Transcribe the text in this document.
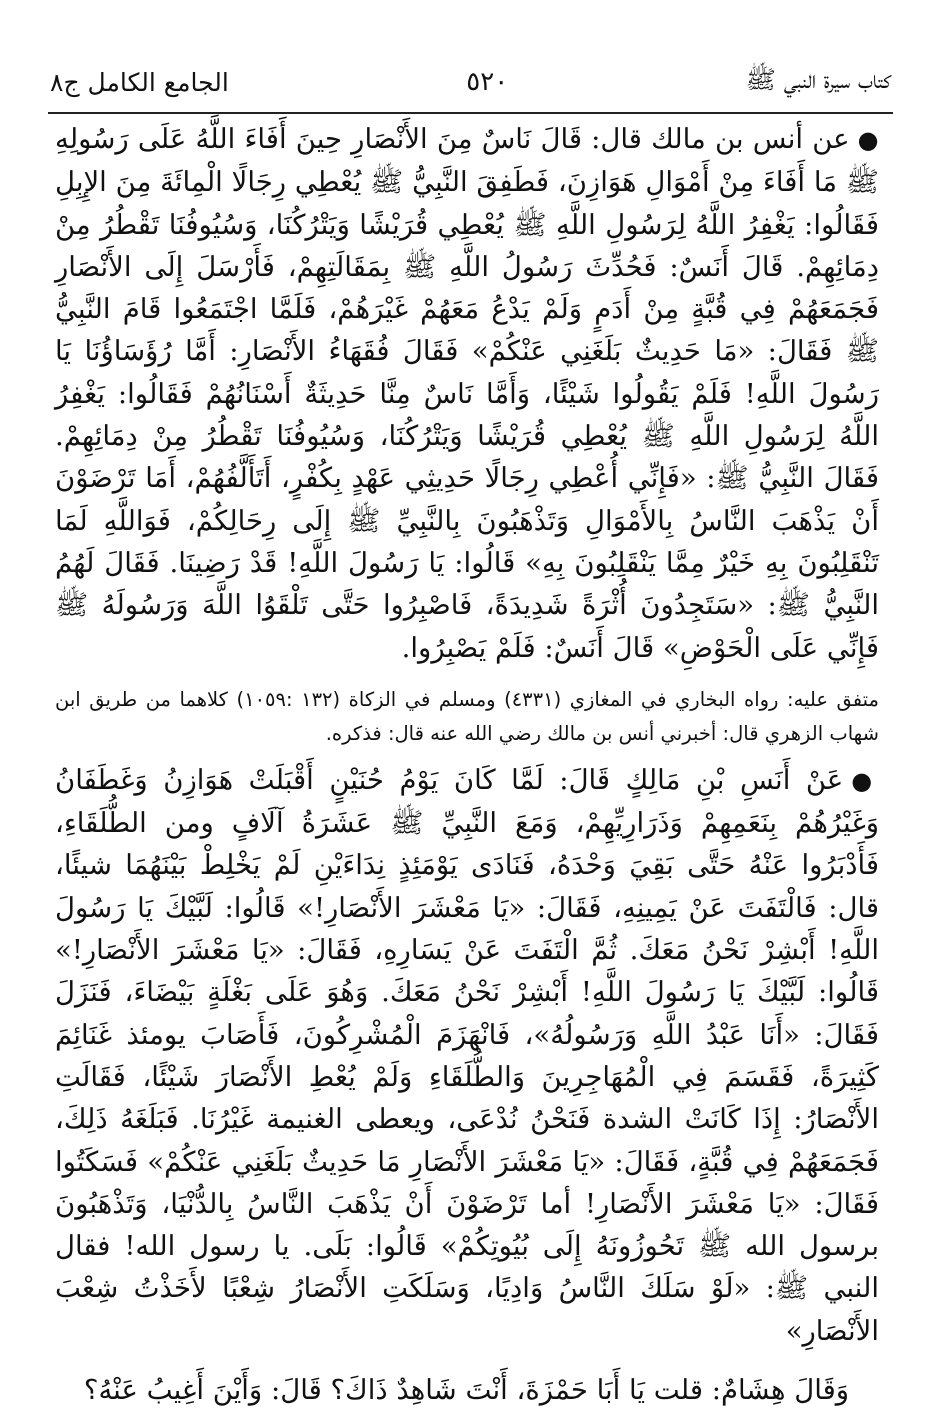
كتاب سيرة النبي ﷺ
٥٢٠
الجامع الكامل ج٨

●عن أنس بن مالك قال: قَالَ نَاسٌ مِنَ الأَنْصَارِ حِينَ أَفَاءَ اللَّهُ عَلَى رَسُولِهِ ﷺ مَا أَفَاءَ مِنْ أَمْوَالِ هَوَازِنَ، فَطَفِقَ النَّبِيُّ ﷺ يُعْطِي رِجَالًا الْمِائَةَ مِنَ الإِبِلِ فَقَالُوا: يَغْفِرُ اللَّهُ لِرَسُولِ اللَّهِ ﷺ يُعْطِي قُرَيْشًا وَيَتْرُكُنَا، وَسُيُوفُنَا تَقْطُرُ مِنْ دِمَائِهِمْ. قَالَ أَنَسٌ: فَحُدِّثَ رَسُولُ اللَّهِ ﷺ بِمَقَالَتِهِمْ، فَأَرْسَلَ إِلَى الأَنْصَارِ فَجَمَعَهُمْ فِي قُبَّةٍ مِنْ أَدَمٍ وَلَمْ يَدْعُ مَعَهُمْ غَيْرَهُمْ، فَلَمَّا اجْتَمَعُوا قَامَ النَّبِيُّ ﷺ فَقَالَ: «مَا حَدِيثٌ بَلَغَنِي عَنْكُمْ» فَقَالَ فُقَهَاءُ الأَنْصَارِ: أَمَّا رُؤَسَاؤُنَا يَا رَسُولَ اللَّهِ! فَلَمْ يَقُولُوا شَيْئًا، وَأَمَّا نَاسٌ مِنَّا حَدِيثَةٌ أَسْنَانُهُمْ فَقَالُوا: يَغْفِرُ اللَّهُ لِرَسُولِ اللَّهِ ﷺ يُعْطِي قُرَيْشًا وَيَتْرُكُنَا، وَسُيُوفُنَا تَقْطُرُ مِنْ دِمَائِهِمْ. فَقَالَ النَّبِيُّ ﷺ: «فَإِنِّي أُعْطِي رِجَالًا حَدِيثِي عَهْدٍ بِكُفْرٍ، أَتَأَلَّفُهُمْ، أَمَا تَرْضَوْنَ أَنْ يَذْهَبَ النَّاسُ بِالأَمْوَالِ وَتَذْهَبُونَ بِالنَّبِيِّ ﷺ إِلَى رِحَالِكُمْ، فَوَاللَّهِ لَمَا تَنْقَلِبُونَ بِهِ خَيْرٌ مِمَّا يَنْقَلِبُونَ بِهِ» قَالُوا: يَا رَسُولَ اللَّهِ! قَدْ رَضِينَا. فَقَالَ لَهُمُ النَّبِيُّ ﷺ: «سَتَجِدُونَ أُثْرَةً شَدِيدَةً، فَاصْبِرُوا حَتَّى تَلْقَوُا اللَّهَ وَرَسُولَهُ ﷺ فَإِنِّي عَلَى الْحَوْضِ» قَالَ أَنَسٌ: فَلَمْ يَصْبِرُوا.

متفق عليه: رواه البخاري في المغازي (٤٣٣١) ومسلم في الزكاة (١٣٢ :١٠٥٩) كلاهما من طريق ابن شهاب الزهري قال: أخبرني أنس بن مالك رضي الله عنه قال: فذكره.

●عَنْ أَنَسِ بْنِ مَالِكٍ قَالَ: لَمَّا كَانَ يَوْمُ حُنَيْنٍ أَقْبَلَتْ هَوَازِنُ وَغَطَفَانُ وَغَيْرُهُمْ بِنَعَمِهِمْ وَذَرَارِيِّهِمْ، وَمَعَ النَّبِيِّ ﷺ عَشَرَةُ آلَافٍ ومن الطُّلَقَاءِ، فَأَدْبَرُوا عَنْهُ حَتَّى بَقِيَ وَحْدَهُ، فَنَادَى يَوْمَئِذٍ نِدَاءَيْنِ لَمْ يَخْلِطْ بَيْنَهُمَا شيئًا، قال: فَالْتَفَتَ عَنْ يَمِينِهِ، فَقَالَ: «يَا مَعْشَرَ الأَنْصَارِ!» قَالُوا: لَبَّيْكَ يَا رَسُولَ اللَّهِ! أَبْشِرْ نَحْنُ مَعَكَ. ثُمَّ الْتَفَتَ عَنْ يَسَارِهِ، فَقَالَ: «يَا مَعْشَرَ الأَنْصَارِ!» قَالُوا: لَبَّيْكَ يَا رَسُولَ اللَّهِ! أَبْشِرْ نَحْنُ مَعَكَ. وَهُوَ عَلَى بَغْلَةٍ بَيْضَاءَ، فَنَزَلَ فَقَالَ: «أَنَا عَبْدُ اللَّهِ وَرَسُولُهُ»، فَانْهَزَمَ الْمُشْرِكُونَ، فَأَصَابَ يومئذ غَنَائِمَ كَثِيرَةً، فَقَسَمَ فِي الْمُهَاجِرِينَ وَالطُّلَقَاءِ وَلَمْ يُعْطِ الأَنْصَارَ شَيْئًا، فَقَالَتِ الأَنْصَارُ: إِذَا كَانَتْ الشدة فَنَحْنُ نُدْعَى، ويعطى الغنيمة غَيْرُنَا. فَبَلَغَهُ ذَلِكَ، فَجَمَعَهُمْ فِي قُبَّةٍ، فَقَالَ: «يَا مَعْشَرَ الأَنْصَارِ مَا حَدِيثٌ بَلَغَنِي عَنْكُمْ» فَسَكَتُوا فَقَالَ: «يَا مَعْشَرَ الأَنْصَارِ! أما تَرْضَوْنَ أَنْ يَذْهَبَ النَّاسُ بِالدُّنْيَا، وَتَذْهَبُونَ برسول الله ﷺ تَحُوزُونَهُ إِلَى بُيُوتِكُمْ» قَالُوا: بَلَى. يا رسول الله! فقال النبي ﷺ: «لَوْ سَلَكَ النَّاسُ وَادِيًا، وَسَلَكَتِ الأَنْصَارُ شِعْبًا لأَخَذْتُ شِعْبَ الأَنْصَارِ»

وَقَالَ هِشَامٌ: قلت يَا أَبَا حَمْزَةَ، أَنْتَ شَاهِدٌ ذَاكَ؟ قَالَ: وَأَيْنَ أَغِيبُ عَنْهُ؟
